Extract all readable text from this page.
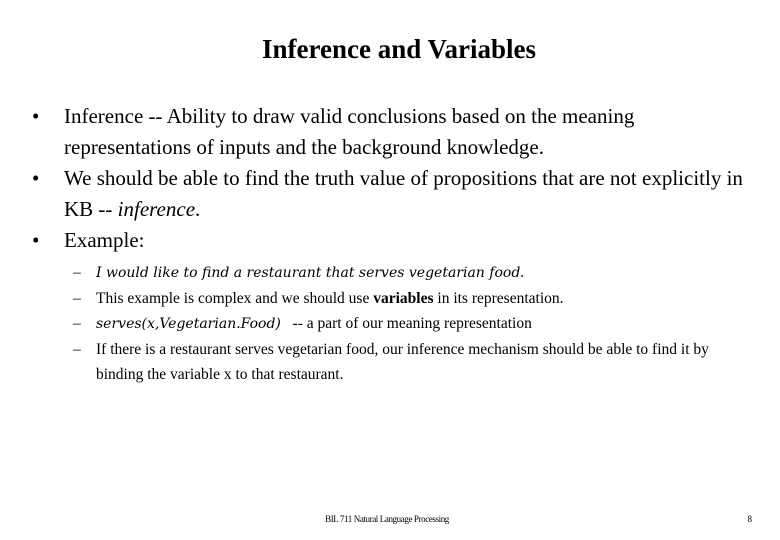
Inference and Variables
•	Inference -- Ability to draw valid conclusions based on the meaning representations of inputs and the background knowledge.
•	We should be able to find the truth value of propositions that are not explicitly in KB -- inference.
•	Example:
–	I would like to find a restaurant that serves vegetarian food.
– This example is complex and we should use variables in its representation.
–	serves(x,Vegetarian.Food)   -- a part of our meaning representation
– If there is a restaurant serves vegetarian food, our inference mechanism should be able to find it by binding the variable x to that restaurant.
BIL 711 Natural Language Processing	8
